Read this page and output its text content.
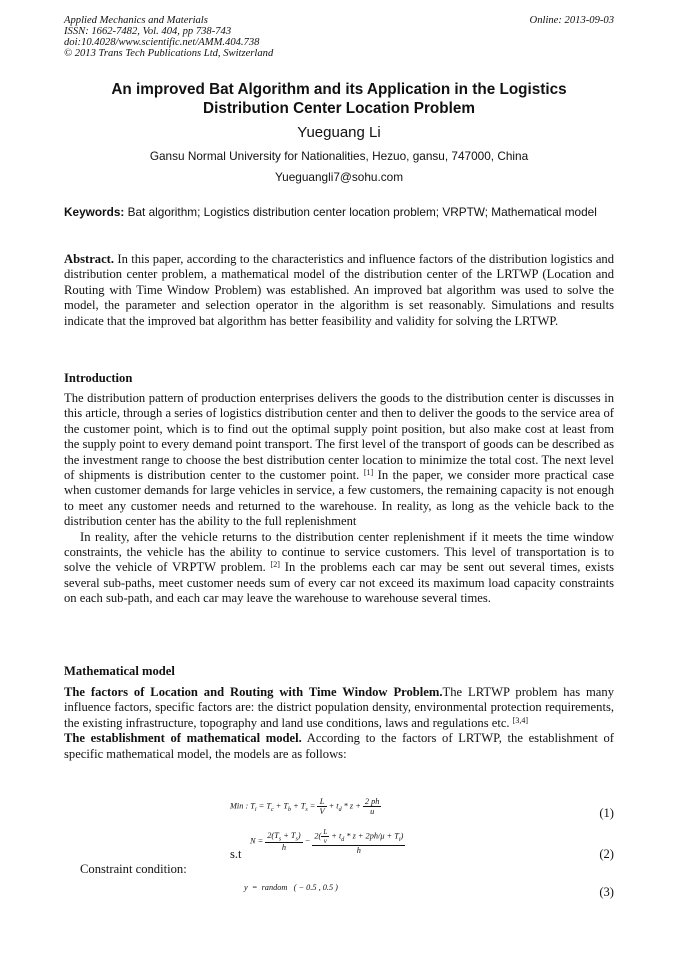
Applied Mechanics and Materials
ISSN: 1662-7482, Vol. 404, pp 738-743
doi:10.4028/www.scientific.net/AMM.404.738
© 2013 Trans Tech Publications Ltd, Switzerland
Online: 2013-09-03
An improved Bat Algorithm and its Application in the Logistics
Distribution Center Location Problem
Yueguang Li
Gansu Normal University for Nationalities, Hezuo, gansu, 747000, China
Yueguangli7@sohu.com
Keywords: Bat algorithm; Logistics distribution center location problem; VRPTW; Mathematical model
Abstract. In this paper, according to the characteristics and influence factors of the distribution logistics and distribution center problem, a mathematical model of the distribution center of the LRTWP (Location and Routing with Time Window Problem) was established. An improved bat algorithm was used to solve the model, the parameter and selection operator in the algorithm is set reasonably. Simulations and results indicate that the improved bat algorithm has better feasibility and validity for solving the LRTWP.
Introduction
The distribution pattern of production enterprises delivers the goods to the distribution center is discusses in this article, through a series of logistics distribution center and then to deliver the goods to the service area of the customer point, which is to find out the optimal supply point position, but also make cost at least from the supply point to every demand point transport. The first level of the transport of goods can be described as the investment range to choose the best distribution center location to minimize the total cost. The next level of shipments is distribution center to the customer point. [1] In the paper, we consider more practical case when customer demands for large vehicles in service, a few customers, the remaining capacity is not enough to meet any customer needs and returned to the warehouse. In reality, as long as the vehicle back to the distribution center has the ability to the full replenishment
In reality, after the vehicle returns to the distribution center replenishment if it meets the time window constraints, the vehicle has the ability to continue to service customers. This level of transportation is to solve the vehicle of VRPTW problem. [2] In the problems each car may be sent out several times, exists several sub-paths, meet customer needs sum of every car not exceed its maximum load capacity constraints on each sub-path, and each car may leave the warehouse to warehouse several times.
Mathematical model
The factors of Location and Routing with Time Window Problem.The LRTWP problem has many influence factors, specific factors are: the district population density, environmental protection requirements, the existing infrastructure, topography and land use conditions, laws and regulations etc. [3,4]
The establishment of mathematical model. According to the factors of LRTWP, the establishment of specific mathematical model, the models are as follows:
Min : $T_i = T_c + T_b + T_s = \frac{L}{V} + t_d * z + \frac{2 ph}{u}$	(1)
s.t
$N = \frac{2(T_s + T_s)}{h} - \frac{2( \frac{L}{v} + t_d * z + 2ph/\mu + T_i)}{h}$	(2)
Constraint condition:
y  =  random   ( − 0.5 , 0.5 )	(3)
